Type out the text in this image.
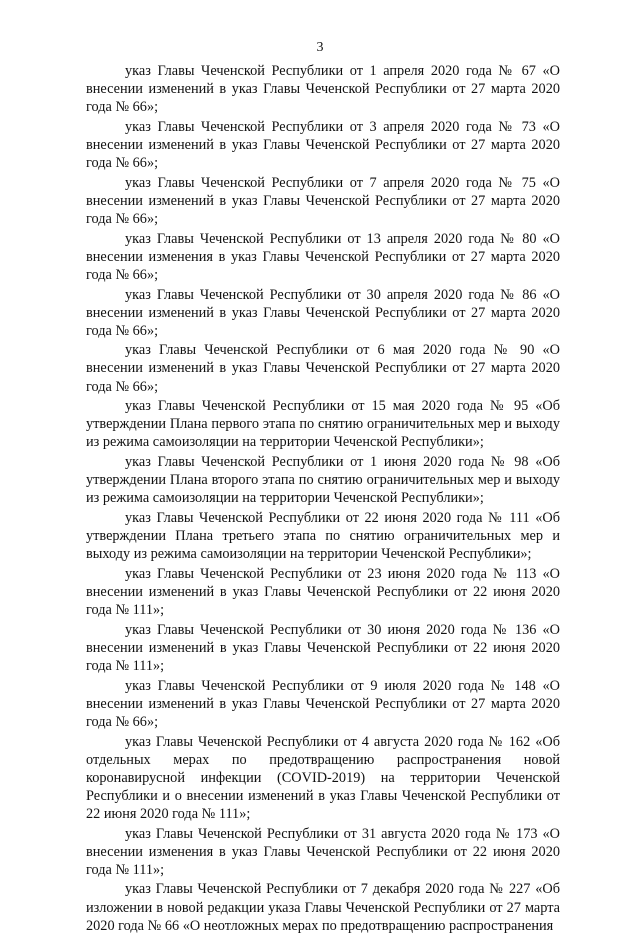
3

указ Главы Чеченской Республики от 1 апреля 2020 года № 67 «О внесении изменений в указ Главы Чеченской Республики от 27 марта 2020 года № 66»;

указ Главы Чеченской Республики от 3 апреля 2020 года № 73 «О внесении изменений в указ Главы Чеченской Республики от 27 марта 2020 года № 66»;

указ Главы Чеченской Республики от 7 апреля 2020 года № 75 «О внесении изменений в указ Главы Чеченской Республики от 27 марта 2020 года № 66»;

указ Главы Чеченской Республики от 13 апреля 2020 года № 80 «О внесении изменения в указ Главы Чеченской Республики от 27 марта 2020 года № 66»;

указ Главы Чеченской Республики от 30 апреля 2020 года № 86 «О внесении изменений в указ Главы Чеченской Республики от 27 марта 2020 года № 66»;

указ Главы Чеченской Республики от 6 мая 2020 года № 90 «О внесении изменений в указ Главы Чеченской Республики от 27 марта 2020 года № 66»;

указ Главы Чеченской Республики от 15 мая 2020 года № 95 «Об утверждении Плана первого этапа по снятию ограничительных мер и выходу из режима самоизоляции на территории Чеченской Республики»;

указ Главы Чеченской Республики от 1 июня 2020 года № 98 «Об утверждении Плана второго этапа по снятию ограничительных мер и выходу из режима самоизоляции на территории Чеченской Республики»;

указ Главы Чеченской Республики от 22 июня 2020 года № 111 «Об утверждении Плана третьего этапа по снятию ограничительных мер и выходу из режима самоизоляции на территории Чеченской Республики»;

указ Главы Чеченской Республики от 23 июня 2020 года № 113 «О внесении изменений в указ Главы Чеченской Республики от 22 июня 2020 года № 111»;

указ Главы Чеченской Республики от 30 июня 2020 года № 136 «О внесении изменений в указ Главы Чеченской Республики от 22 июня 2020 года № 111»;

указ Главы Чеченской Республики от 9 июля 2020 года № 148 «О внесении изменений в указ Главы Чеченской Республики от 27 марта 2020 года № 66»;

указ Главы Чеченской Республики от 4 августа 2020 года № 162 «Об отдельных мерах по предотвращению распространения новой коронавирусной инфекции (COVID-2019) на территории Чеченской Республики и о внесении изменений в указ Главы Чеченской Республики от 22 июня 2020 года № 111»;

указ Главы Чеченской Республики от 31 августа 2020 года № 173 «О внесении изменения в указ Главы Чеченской Республики от 22 июня 2020 года № 111»;

указ Главы Чеченской Республики от 7 декабря 2020 года № 227 «Об изложении в новой редакции указа Главы Чеченской Республики от 27 марта 2020 года № 66 «О неотложных мерах по предотвращению распространения
